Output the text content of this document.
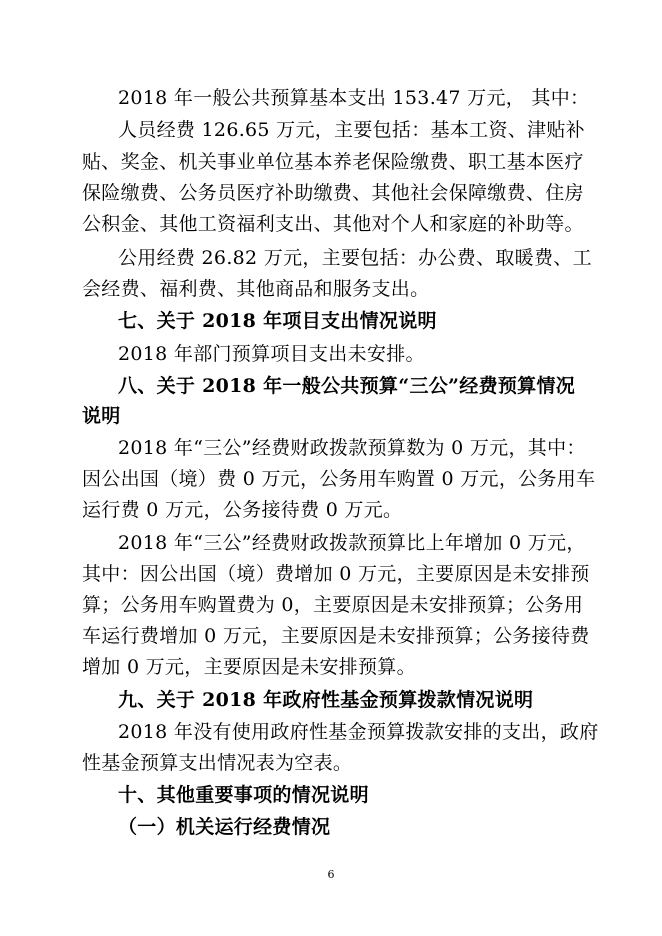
2018 年一般公共预算基本支出 153.47 万元， 其中：
人员经费 126.65 万元，主要包括：基本工资、津贴补
贴、奖金、机关事业单位基本养老保险缴费、职工基本医疗
保险缴费、公务员医疗补助缴费、其他社会保障缴费、住房
公积金、其他工资福利支出、其他对个人和家庭的补助等。
公用经费 26.82 万元，主要包括：办公费、取暖费、工
会经费、福利费、其他商品和服务支出。
七、关于 2018 年项目支出情况说明
2018 年部门预算项目支出未安排。
八、关于 2018 年一般公共预算“三公”经费预算情况
说明
2018 年“三公”经费财政拨款预算数为 0 万元，其中：
因公出国（境）费 0 万元，公务用车购置 0 万元，公务用车
运行费 0 万元，公务接待费 0 万元。
2018 年“三公”经费财政拨款预算比上年增加 0 万元，
其中：因公出国（境）费增加 0 万元，主要原因是未安排预
算；公务用车购置费为 0，主要原因是未安排预算；公务用
车运行费增加 0 万元，主要原因是未安排预算；公务接待费
增加 0 万元，主要原因是未安排预算。
九、关于 2018 年政府性基金预算拨款情况说明
2018 年没有使用政府性基金预算拨款安排的支出，政府
性基金预算支出情况表为空表。
十、其他重要事项的情况说明
（一）机关运行经费情况
6
